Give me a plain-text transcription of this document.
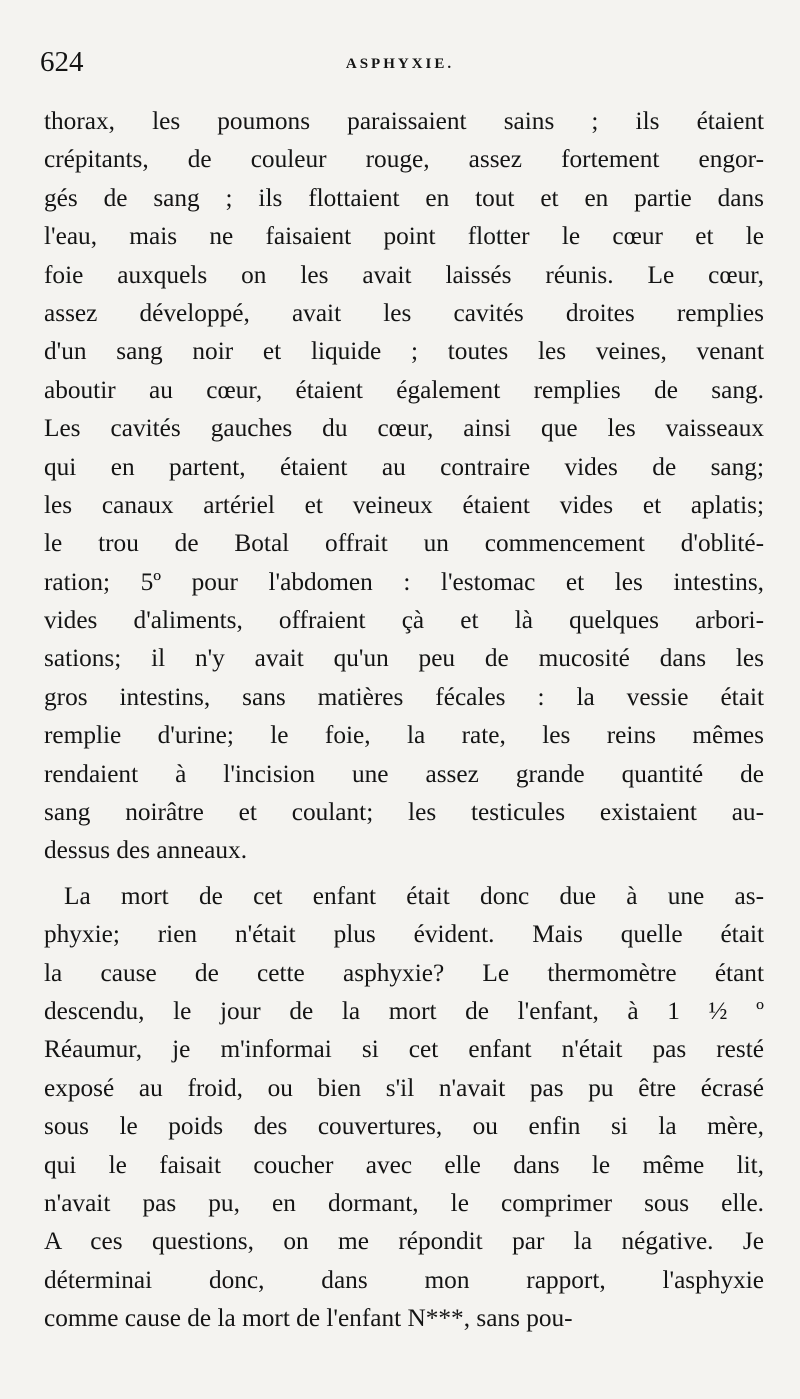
624	ASPHYXIE.
thorax, les poumons paraissaient sains ; ils étaient
crépitants, de couleur rouge, assez fortement engor-
gés de sang ; ils flottaient en tout et en partie dans
l'eau, mais ne faisaient point flotter le cœur et le
foie auxquels on les avait laissés réunis. Le cœur,
assez développé, avait les cavités droites remplies
d'un sang noir et liquide ; toutes les veines, venant
aboutir au cœur, étaient également remplies de sang.
Les cavités gauches du cœur, ainsi que les vaisseaux
qui en partent, étaient au contraire vides de sang;
les canaux artériel et veineux étaient vides et aplatis;
le trou de Botal offrait un commencement d'oblité-
ration; 5º pour l'abdomen : l'estomac et les intestins,
vides d'aliments, offraient çà et là quelques arbori-
sations; il n'y avait qu'un peu de mucosité dans les
gros intestins, sans matières fécales : la vessie était
remplie d'urine; le foie, la rate, les reins mêmes
rendaient à l'incision une assez grande quantité de
sang noirâtre et coulant; les testicules existaient au-
dessus des anneaux.
La mort de cet enfant était donc due à une as-
phyxie; rien n'était plus évident. Mais quelle était
la cause de cette asphyxie? Le thermomètre étant
descendu, le jour de la mort de l'enfant, à 1 ½ º
Réaumur, je m'informai si cet enfant n'était pas resté
exposé au froid, ou bien s'il n'avait pas pu être écrasé
sous le poids des couvertures, ou enfin si la mère,
qui le faisait coucher avec elle dans le même lit,
n'avait pas pu, en dormant, le comprimer sous elle.
A ces questions, on me répondit par la négative. Je
déterminai donc, dans mon rapport, l'asphyxie
comme cause de la mort de l'enfant N***, sans pou-
